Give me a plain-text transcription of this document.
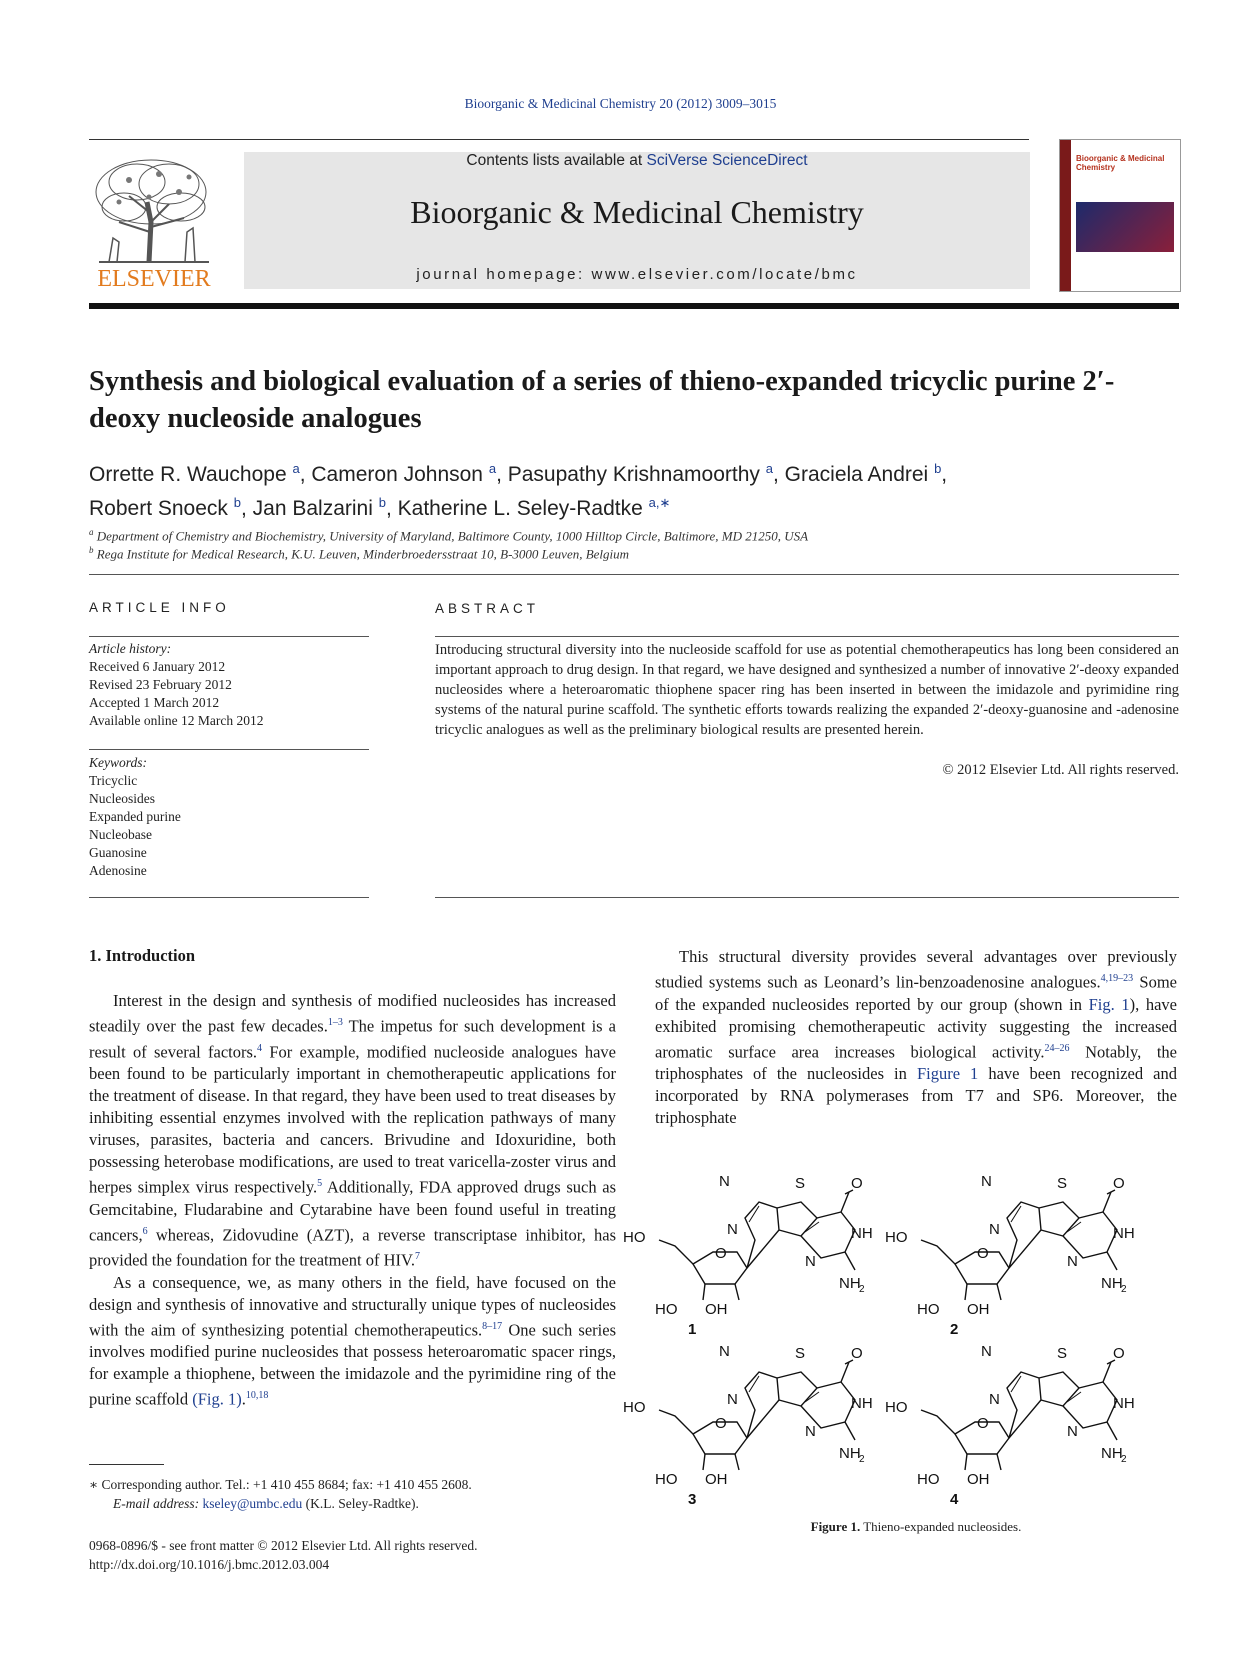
Bioorganic & Medicinal Chemistry 20 (2012) 3009–3015
ELSEVIER
Contents lists available at SciVerse ScienceDirect
Bioorganic & Medicinal Chemistry
journal homepage: www.elsevier.com/locate/bmc
Bioorganic & Medicinal Chemistry
Synthesis and biological evaluation of a series of thieno-expanded tricyclic purine 2′-deoxy nucleoside analogues
Orrette R. Wauchope $^a$, Cameron Johnson $^a$, Pasupathy Krishnamoorthy $^a$, Graciela Andrei $^b$,
Robert Snoeck $^b$, Jan Balzarini $^b$, Katherine L. Seley-Radtke $^{a,∗}$
$^a$ Department of Chemistry and Biochemistry, University of Maryland, Baltimore County, 1000 Hilltop Circle, Baltimore, MD 21250, USA
$^b$ Rega Institute for Medical Research, K.U. Leuven, Minderbroedersstraat 10, B-3000 Leuven, Belgium
ARTICLE INFO
Article history:
Received 6 January 2012
Revised 23 February 2012
Accepted 1 March 2012
Available online 12 March 2012
Keywords:
Tricyclic
Nucleosides
Expanded purine
Nucleobase
Guanosine
Adenosine
ABSTRACT
Introducing structural diversity into the nucleoside scaffold for use as potential chemotherapeutics has long been considered an important approach to drug design. In that regard, we have designed and synthesized a number of innovative 2′-deoxy expanded nucleosides where a heteroaromatic thiophene spacer ring has been inserted in between the imidazole and pyrimidine ring systems of the natural purine scaffold. The synthetic efforts towards realizing the expanded 2′-deoxy-guanosine and -adenosine tricyclic analogues as well as the preliminary biological results are presented herein.
© 2012 Elsevier Ltd. All rights reserved.
1. Introduction

Interest in the design and synthesis of modified nucleosides has increased steadily over the past few decades.$^{1-3}$ The impetus for such development is a result of several factors.$^4$ For example, modified nucleoside analogues have been found to be particularly important in chemotherapeutic applications for the treatment of disease. In that regard, they have been used to treat diseases by inhibiting essential enzymes involved with the replication pathways of many viruses, parasites, bacteria and cancers. Brivudine and Idoxuridine, both possessing heterobase modifications, are used to treat varicella-zoster virus and herpes simplex virus respectively.$^5$ Additionally, FDA approved drugs such as Gemcitabine, Fludarabine and Cytarabine have been found useful in treating cancers,$^6$ whereas, Zidovudine (AZT), a reverse transcriptase inhibitor, has provided the foundation for the treatment of HIV.$^7$

As a consequence, we, as many others in the field, have focused on the design and synthesis of innovative and structurally unique types of nucleosides with the aim of synthesizing potential chemotherapeutics.$^{8-17}$ One such series involves modified purine nucleosides that possess heteroaromatic spacer rings, for example a thiophene, between the imidazole and the pyrimidine ring of the purine scaffold (Fig. 1).$^{10,18}$

This structural diversity provides several advantages over previously studied systems such as Leonard’s lin-benzoadenosine analogues.$^{4,19-23}$ Some of the expanded nucleosides reported by our group (shown in Fig. 1), have exhibited promising chemotherapeutic activity suggesting the increased aromatic surface area increases biological activity.$^{24-26}$ Notably, the triphosphates of the nucleosides in Figure 1 have been recognized and incorporated by RNA polymerases from T7 and SP6. Moreover, the triphosphate

O
N	S	O
NH
N
NH
2
N
HO
HO OH
1
O
N	S	O
NH
N
NH
2
N
HO
HO OH
2
O
N	S	O
NH
N
NH
2
N
HO
HO OH
3
O
N	S	O
NH
N
NH
2
N
HO
HO OH
4
Figure 1. Thieno-expanded nucleosides.
∗ Corresponding author. Tel.: +1 410 455 8684; fax: +1 410 455 2608.
E-mail address: kseley@umbc.edu (K.L. Seley-Radtke).
0968-0896/$ - see front matter © 2012 Elsevier Ltd. All rights reserved.
http://dx.doi.org/10.1016/j.bmc.2012.03.004
